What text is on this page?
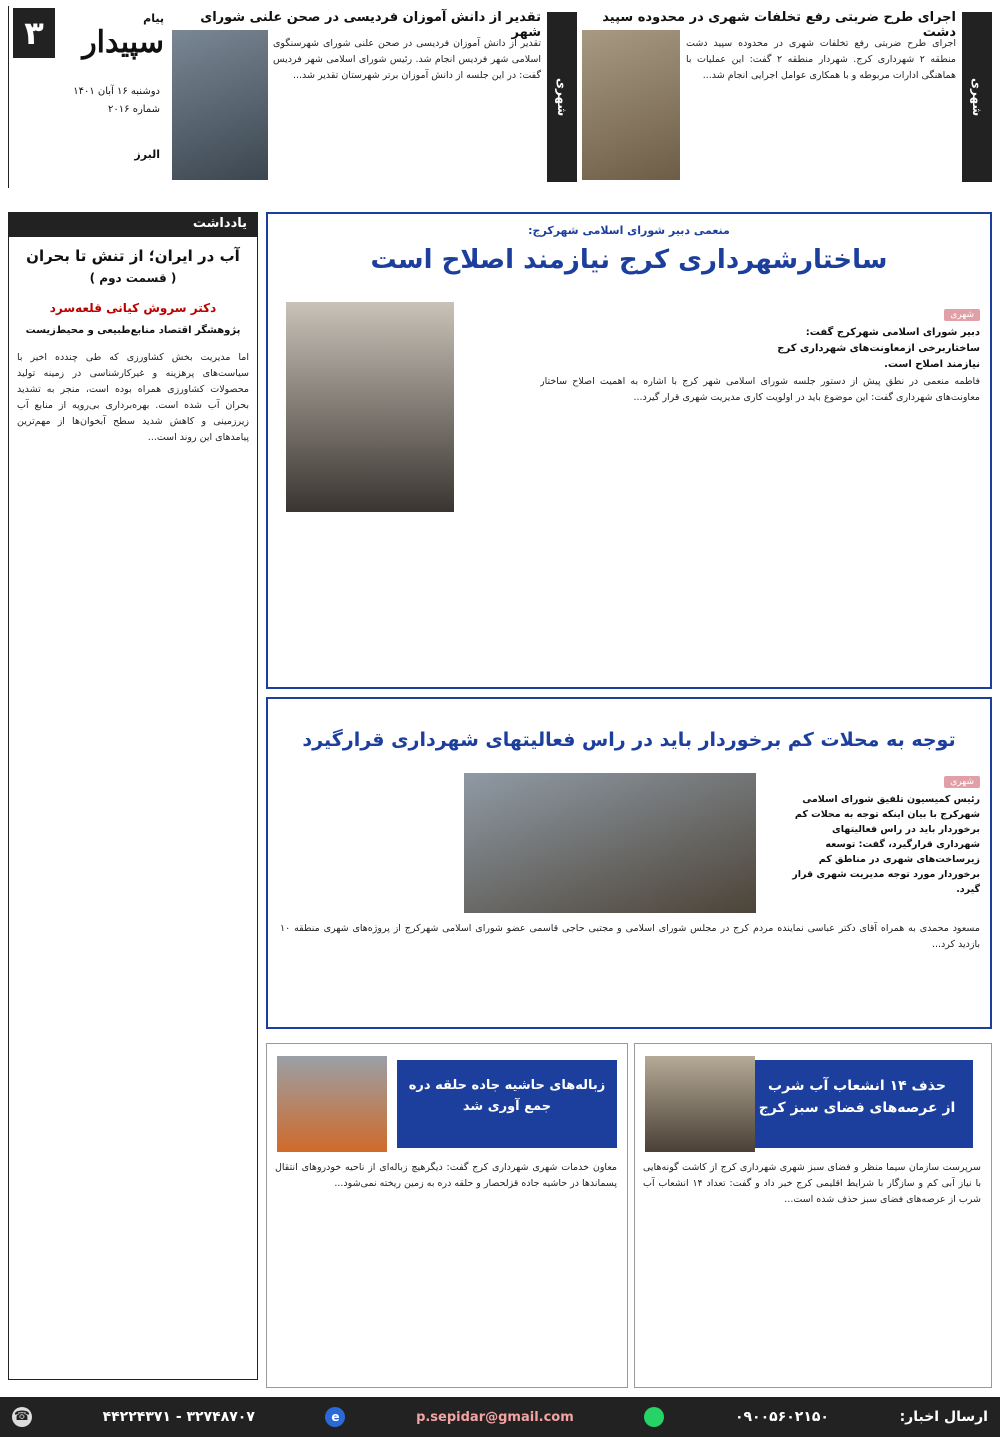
۳	پیام
سپیدار
دوشنبه ۱۶ آبان ۱۴۰۱
شماره ۲۰۱۶
البرز
اجرای طرح ضربتی رفع تخلفات شهری در محدوده سپید دشت
شهری
اجرای طرح ضربتی رفع تخلفات شهری در محدوده سپید دشت منطقه ۲ شهرداری کرج. شهردار منطقه ۲ گفت: این عملیات با هماهنگی ادارات مربوطه و با همکاری عوامل اجرایی انجام شد...
تقدیر از دانش آموزان فردیسی در صحن علنی شورای شهر
شهری
تقدیر از دانش آموزان فردیسی در صحن علنی شورای شهرسنگوی اسلامی شهر فردیس انجام شد. رئیس شورای اسلامی شهر فردیس گفت: در این جلسه از دانش آموزان برتر شهرستان تقدیر شد...
یادداشت
آب در ایران؛ از تنش تا بحران
( قسمت دوم )
دکتر سروش کیانی قلعه‌سرد
پژوهشگر اقتصاد منابع‌طبیعی و محیط‌زیست
اما مدیریت بخش کشاورزی که طی چندده اخیر با سیاست‌های پرهزینه و غیرکارشناسی در زمینه تولید محصولات کشاورزی همراه بوده است، منجر به تشدید بحران آب شده است. بهره‌برداری بی‌رویه از منابع آب زیرزمینی و کاهش شدید سطح آبخوان‌ها از مهم‌ترین پیامدهای این روند است...
منعمی دبیر شورای اسلامی شهرکرج:
ساختارشهرداری کرج نیازمند اصلاح است
شهری
دبیر شورای اسلامی شهرکرج گفت: ساختاربرخی ازمعاونت‌های شهرداری کرج نیازمند اصلاح است.
فاطمه منعمی در نطق پیش از دستور جلسه شورای اسلامی شهر کرج با اشاره به اهمیت اصلاح ساختار معاونت‌های شهرداری گفت: این موضوع باید در اولویت کاری مدیریت شهری قرار گیرد...
توجه به محلات کم برخوردار باید در راس فعالیتهای شهرداری قرارگیرد
شهری
رئیس کمیسیون تلفیق شورای اسلامی شهرکرج با بیان اینکه توجه به محلات کم برخوردار باید در راس فعالیتهای شهرداری قرارگیرد، گفت: توسعه زیرساخت‌های شهری در مناطق کم برخوردار مورد توجه مدیریت شهری قرار گیرد.
مسعود محمدی به همراه آقای دکتر عباسی نماینده مردم کرج در مجلس شورای اسلامی و مجتبی حاجی قاسمی عضو شورای اسلامی شهرکرج از پروژه‌های شهری منطقه ۱۰ بازدید کرد...
حذف ۱۴ انشعاب آب شرب
از عرصه‌های فضای سبز کرج
سرپرست سازمان سیما منظر و فضای سبز شهری شهرداری کرج از کاشت گونه‌هایی با نیاز آبی کم و سازگار با شرایط اقلیمی کرج خبر داد و گفت: تعداد ۱۴ انشعاب آب شرب از عرصه‌های فضای سبز حذف شده است...
زباله‌های حاشیه جاده حلقه دره
جمع آوری شد
معاون خدمات شهری شهرداری کرج گفت: دیگرهیچ زباله‌ای از ناحیه خودروهای انتقال پسماندها در حاشیه جاده قزلحصار و حلقه دره به زمین ریخته نمی‌شود...
ارسال اخبار:
۰۹۰۰۵۶۰۲۱۵۰
p.sepidar@gmail.com
e
۳۲۷۴۸۷۰۷ - ۴۴۲۲۴۳۷۱
☎
